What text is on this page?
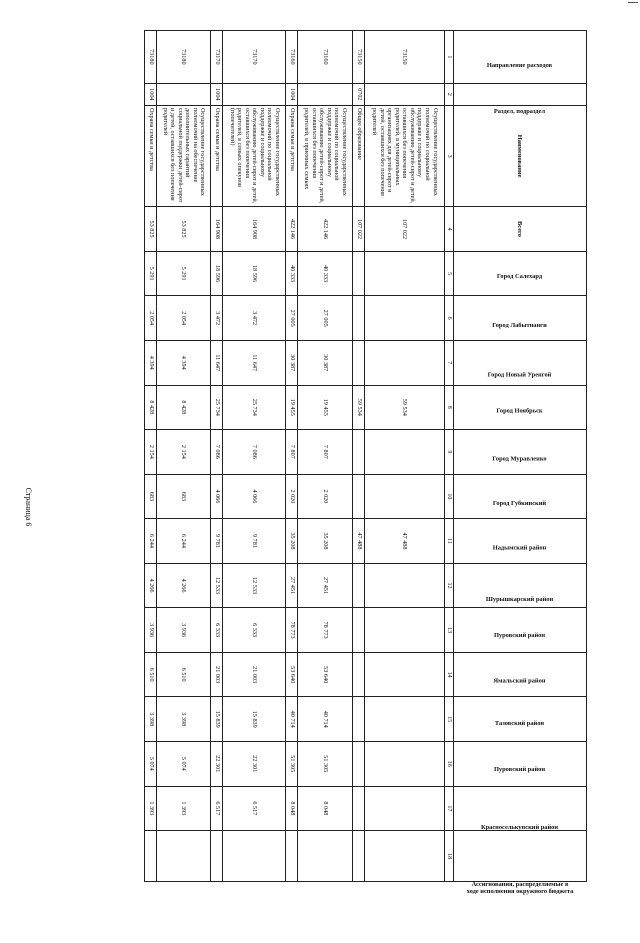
Страница 6
Направление расходов	Раздел, подраздел	Наименование	Всего	Город Салехард	Город Лабытнанги	Город Новый Уренгой	Город Ноябрьск	Город Муравленко	Город Губкинский	Надымский район	Шурышкарский район	Пуровский район	Ямальский район	Тазовский район	Пуровский район	Красноселькупский район	Ассигнования, распределяемые в ходе исполнения окружного бюджета
1	2	3	4	5	6	7	8	9	10	11	12	13	14	15	16	17	18
73150		Осуществление государственных полномочий по социальной поддержке и социальному обслуживанию детей-сирот и детей, оставшихся без попечения родителей, в муниципальных организациях для детей-сирот и детей, оставшихся без попечения родителей	107 022				59 534			47 488							
73150	0702	Общее образование	107 022				59 534			47 488							
73160		Осуществление государственных полномочий по социальной поддержке и социальному обслуживанию детей-сирот и детей, оставшихся без попечения родителей, в приемных семьях	422 146	40 333	27 005	30 387	19 455	7 807	2 020	35 208	27 451	78 773	53 640	40 714	51 305	8 048	
73160	1004	Охрана семьи и детства	422 146	40 333	27 005	30 387	19 455	7 807	2 020	35 208	27 451	78 773	53 640	40 714	51 305	8 048	
73170		Осуществление государственных полномочий по социальной поддержке и социальному обслуживанию детей-сирот и детей, оставшихся без попечения родителей, в семьях опекунов (попечителей)	164 908	18 596	3 472	11 647	25 734	7 086	4 066	9 781	12 533	6 333	21 003	15 839	22 301	6 517	
73170	1004	Охрана семьи и детства	164 908	18 596	3 472	11 647	25 734	7 086	4 066	9 781	12 533	6 333	21 003	15 839	22 301	6 517	
73180		Осуществление государственных полномочий на обеспечение дополнительных гарантий социальной поддержки детей-сирот и детей, оставшихся без попечения родителей	53 825	5 291	2 054	4 394	8 428	2 154	683	6 244	4 266	3 936	6 510	3 398	5 074	1 393	
73180	1004	Охрана семьи и детства	53 825	5 291	2 054	4 394	8 428	2 154	683	6 244	4 266	3 936	6 510	3 398	5 074	1 393	
